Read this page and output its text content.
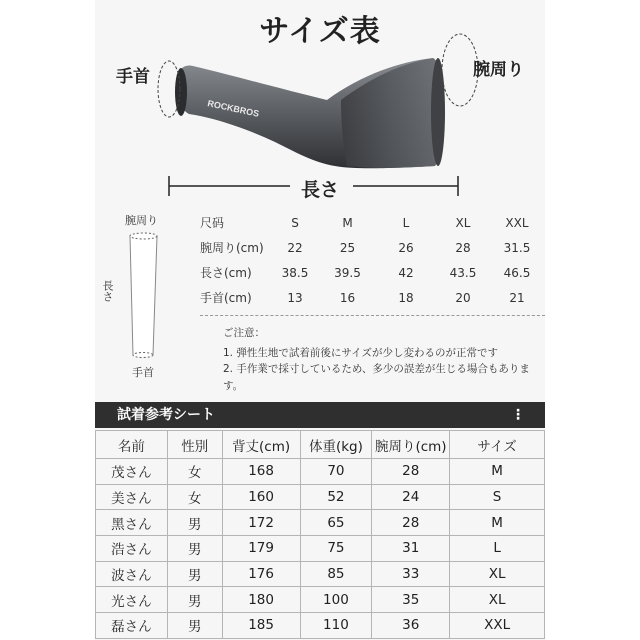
サイズ表
ROCKBROS
手首	腕周り
長さ
腕周り
長さ
手首
尺码	S	M	L	XL	XXL
腕周り(cm)	22	25	26	28	31.5
長さ(cm)	38.5	39.5	42	43.5	46.5
手首(cm)	13	16	18	20	21
ご注意：
1. 弾性生地で試着前後にサイズが少し変わるのが正常です
2. 手作業で採寸しているため、多少の誤差が生じる場合もあります。
試着参考シート	⋮
名前	性別	背丈(cm)	体重(kg)	腕周り(cm)	サイズ
茂さん	女	168	70	28	M
美さん	女	160	52	24	S
黑さん	男	172	65	28	M
浩さん	男	179	75	31	L
波さん	男	176	85	33	XL
光さん	男	180	100	35	XL
磊さん	男	185	110	36	XXL
